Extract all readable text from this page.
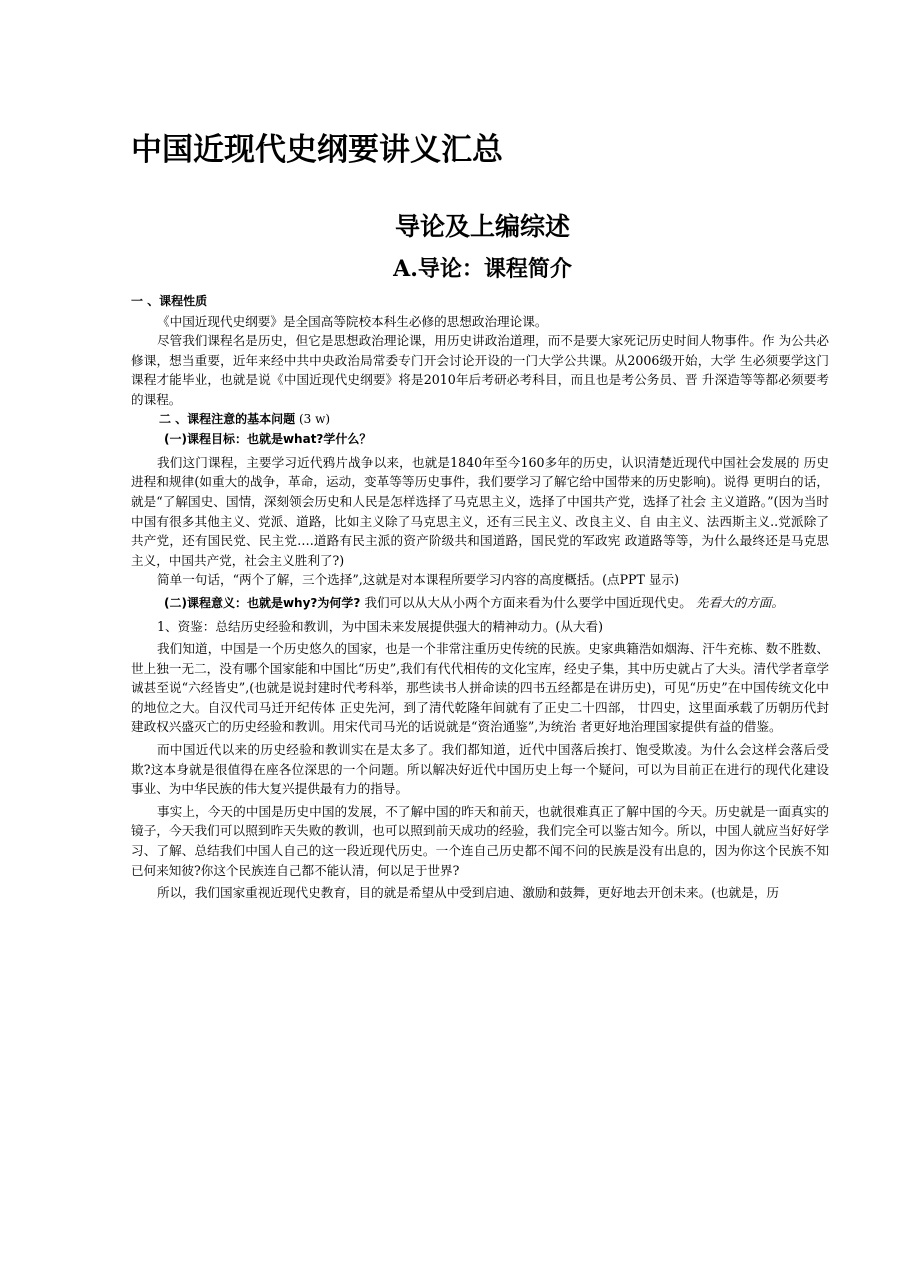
中国近现代史纲要讲义汇总
导论及上编综述
A.导论：课程简介

一 、课程性质

《中国近现代史纲要》是全国高等院校本科生必修的思想政治理论课。

尽管我们课程名是历史，但它是思想政治理论课，用历史讲政治道理，而不是要大家死记历史时间人物事件。作 为公共必修课，想当重要，近年来经中共中央政治局常委专门开会讨论开设的一门大学公共课。从2006级开始，大学 生必须要学这门课程才能毕业，也就是说《中国近现代史纲要》将是2010年后考研必考科目，而且也是考公务员、晋 升深造等等都必须要考的课程。

二 、课程注意的基本问题 (3 w)

(一)课程目标：也就是what?学什么？

我们这门课程，主要学习近代鸦片战争以来，也就是1840年至今160多年的历史，认识清楚近现代中国社会发展的 历史进程和规律(如重大的战争，革命，运动，变革等等历史事件，我们要学习了解它给中国带来的历史影响)。说得 更明白的话，就是“了解国史、国情，深刻领会历史和人民是怎样选择了马克思主义，选择了中国共产党，选择了社会 主义道路。”(因为当时中国有很多其他主义、党派、道路，比如主义除了马克思主义，还有三民主义、改良主义、自 由主义、法西斯主义..党派除了共产党，还有国民党、民主党….道路有民主派的资产阶级共和国道路，国民党的军政宪 政道路等等，为什么最终还是马克思主义，中国共产党，社会主义胜利了?)

简单一句话，“两个了解，三个选择”,这就是对本课程所要学习内容的高度概括。(点PPT 显示)

(二)课程意义：也就是why?为何学? 我们可以从大从小两个方面来看为什么要学中国近现代史。 先看大的方面。

1、资鉴：总结历史经验和教训，为中国未来发展提供强大的精神动力。(从大看)

我们知道，中国是一个历史悠久的国家，也是一个非常注重历史传统的民族。史家典籍浩如烟海、汗牛充栋、数不胜数、世上独一无二，没有哪个国家能和中国比“历史”,我们有代代相传的文化宝库，经史子集，其中历史就占了大头。清代学者章学诚甚至说“六经皆史”,(也就是说封建时代考科举，那些读书人拼命读的四书五经都是在讲历史)，可见“历史”在中国传统文化中的地位之大。自汉代司马迁开纪传体 正史先河，到了清代乾隆年间就有了正史二十四部， 廿四史，这里面承载了历朝历代封建政权兴盛灭亡的历史经验和教训。用宋代司马光的话说就是“资治通鉴”,为统治 者更好地治理国家提供有益的借鉴。

而中国近代以来的历史经验和教训实在是太多了。我们都知道，近代中国落后挨打、饱受欺凌。为什么会这样会落后受欺?这本身就是很值得在座各位深思的一个问题。所以解决好近代中国历史上每一个疑问，可以为目前正在进行的现代化建设事业、为中华民族的伟大复兴提供最有力的指导。

事实上，今天的中国是历史中国的发展，不了解中国的昨天和前天，也就很难真正了解中国的今天。历史就是一面真实的镜子，今天我们可以照到昨天失败的教训，也可以照到前天成功的经验，我们完全可以鉴古知今。所以，中国人就应当好好学习、了解、总结我们中国人自己的这一段近现代历史。一个连自己历史都不闻不问的民族是没有出息的，因为你这个民族不知已何来知彼?你这个民族连自己都不能认清，何以足于世界?

所以，我们国家重视近现代史教育，目的就是希望从中受到启迪、激励和鼓舞，更好地去开创未来。(也就是，历
